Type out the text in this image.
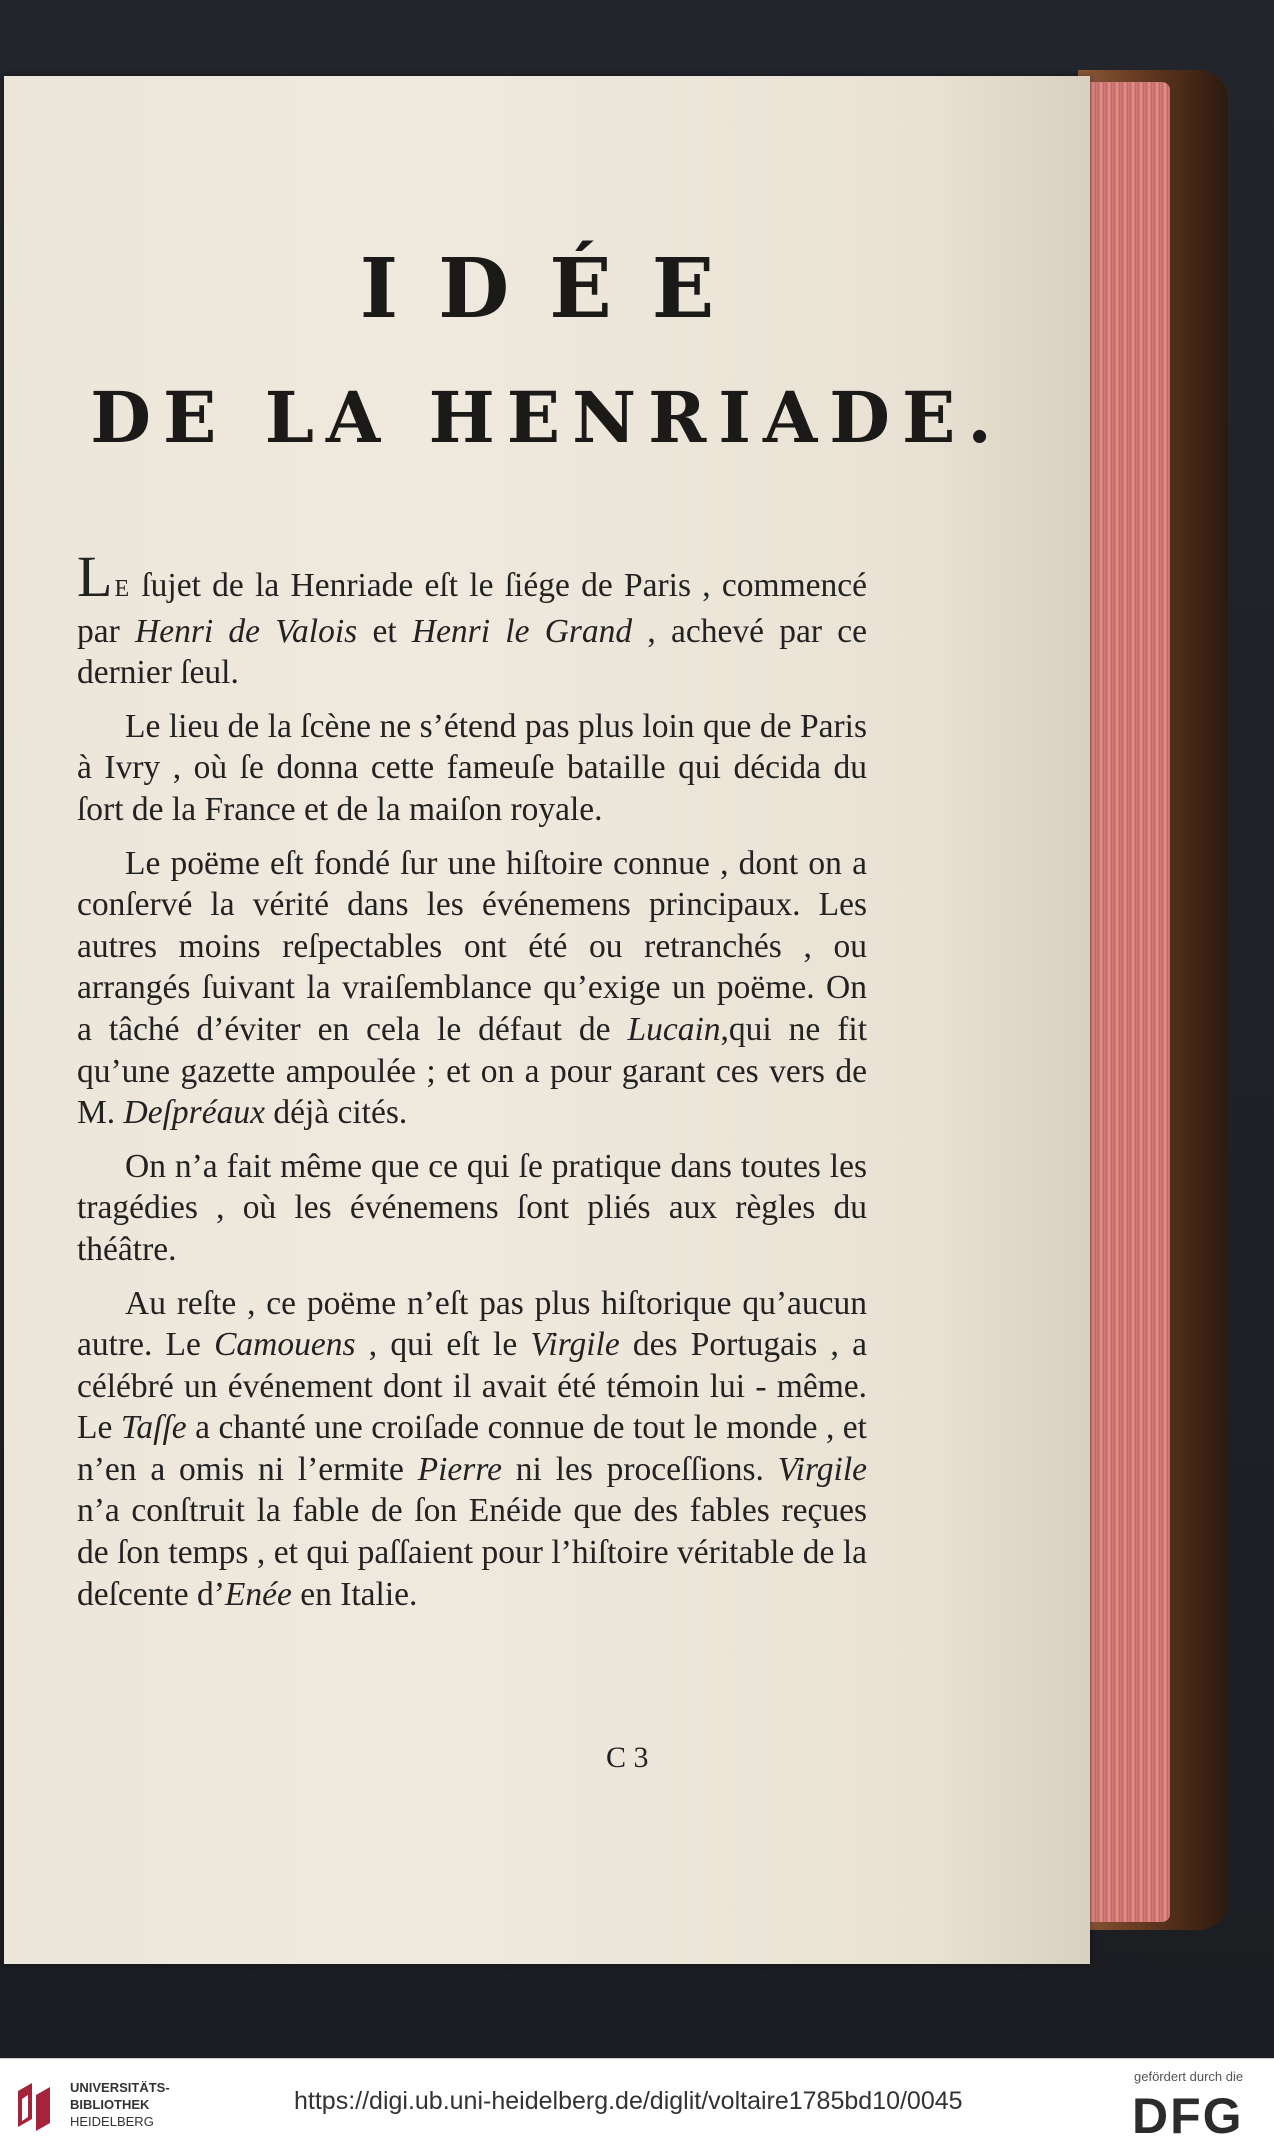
IDÉE
DE LA HENRIADE.

LE ſujet de la Henriade eſt le ſiége de Paris , commencé par Henri de Valois et Henri le Grand , achevé par ce dernier ſeul.

Le lieu de la ſcène ne s’étend pas plus loin que de Paris à Ivry , où ſe donna cette fameuſe bataille qui décida du ſort de la France et de la maiſon royale.

Le poëme eſt fondé ſur une hiſtoire connue , dont on a conſervé la vérité dans les événemens principaux. Les autres moins reſpectables ont été ou retranchés , ou arrangés ſuivant la vraiſemblance qu’exige un poëme. On a tâché d’éviter en cela le défaut de Lucain,qui ne fit qu’une gazette ampoulée ; et on a pour garant ces vers de M. Deſpréaux déjà cités.

On n’a fait même que ce qui ſe pratique dans toutes les tragédies , où les événemens ſont pliés aux règles du théâtre.

Au reſte , ce poëme n’eſt pas plus hiſtorique qu’aucun autre. Le Camouens , qui eſt le Virgile des Portugais , a célébré un événement dont il avait été témoin lui - même. Le Taſſe a chanté une croiſade connue de tout le monde , et n’en a omis ni l’ermite Pierre ni les proceſſions. Virgile n’a conſtruit la fable de ſon Enéide que des fables reçues de ſon temps , et qui paſſaient pour l’hiſtoire véritable de la deſcente d’Enée en Italie.

C 3
UNIVERSITÄTS-
BIBLIOTHEK
HEIDELBERG
https://digi.ub.uni-heidelberg.de/diglit/voltaire1785bd10/0045
gefördert durch die
DFG
